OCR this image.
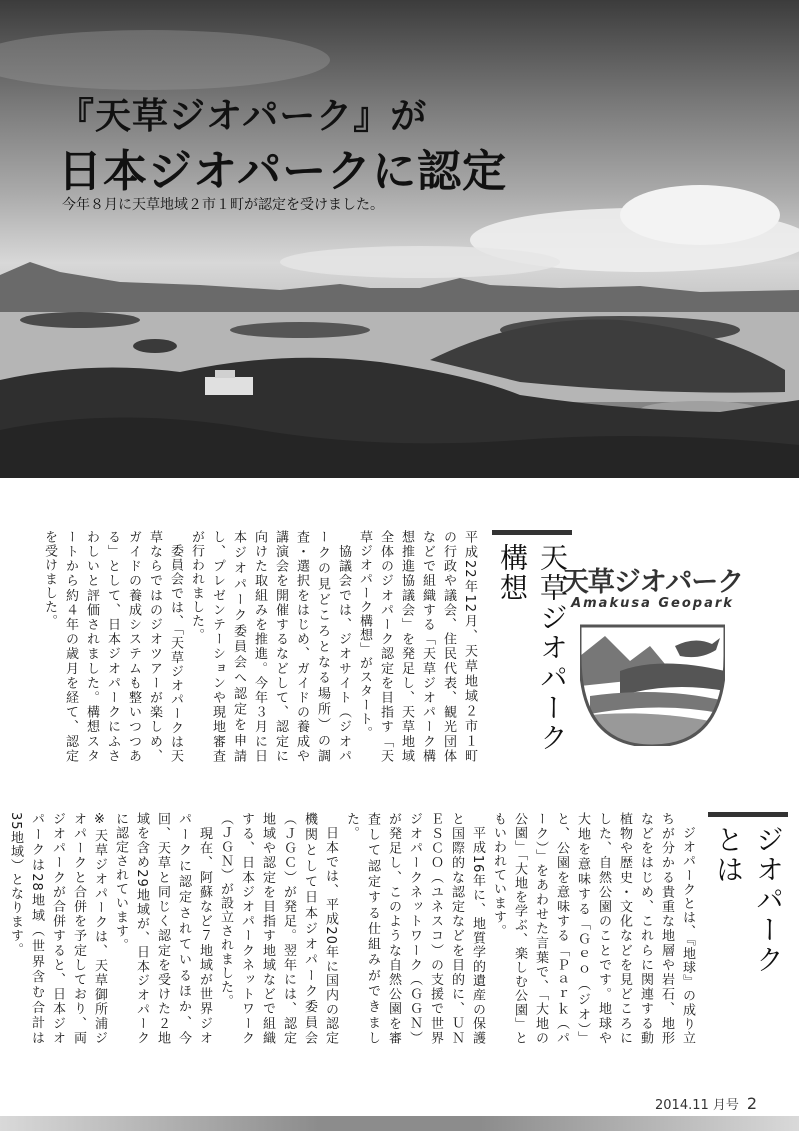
『天草ジオパーク』が
日本ジオパークに認定
今年８月に天草地域２市１町が認定を受けました。
天草ジオパーク
Amakusa Geopark
天草ジオパーク構想
平成22年12月、天草地域２市１町の行政や議会、住民代表、観光団体などで組織する「天草ジオパーク構想推進協議会」を発足し、天草地域全体のジオパーク認定を目指す「天草ジオパーク構想」がスタート。
　協議会では、ジオサイト（ジオパークの見どころとなる場所）の調査・選択をはじめ、ガイドの養成や講演会を開催するなどして、認定に向けた取組みを推進。今年３月に日本ジオパーク委員会へ認定を申請し、プレゼンテーションや現地審査が行われました。
　委員会では、「天草ジオパークは天草ならではのジオツアーが楽しめ、ガイドの養成システムも整いつつある」として、日本ジオパークにふさわしいと評価されました。構想スタートから約４年の歳月を経て、認定を受けました。
ジオパークとは
　ジオパークとは、『地球』の成り立ちが分かる貴重な地層や岩石、地形などをはじめ、これらに関連する動植物や歴史・文化などを見どころにした、自然公園のことです。地球や大地を意味する「Ｇｅｏ（ジオ）」と、公園を意味する「Ｐａｒｋ（パーク）」をあわせた言葉で、「大地の公園」「大地を学ぶ、楽しむ公園」ともいわれています。
　平成16年に、地質学的遺産の保護と国際的な認定などを目的に、ＵＮＥＳＣＯ（ユネスコ）の支援で世界ジオパークネットワーク（ＧＧＮ）が発足し、このような自然公園を審査して認定する仕組みができました。
　日本では、平成20年に国内の認定機関として日本ジオパーク委員会（ＪＧＣ）が発足。翌年には、認定地域や認定を目指す地域などで組織する、日本ジオパークネットワーク（ＪＧＮ）が設立されました。
　現在、阿蘇など７地域が世界ジオパークに認定されているほか、今回、天草と同じく認定を受けた２地域を含め29地域が、日本ジオパークに認定されています。
※天草ジオパークは、天草御所浦ジオパークと合併を予定しており、両ジオパークが合併すると、日本ジオパークは28地域（世界含む合計は35地域）となります。
2014.11 月号 2
